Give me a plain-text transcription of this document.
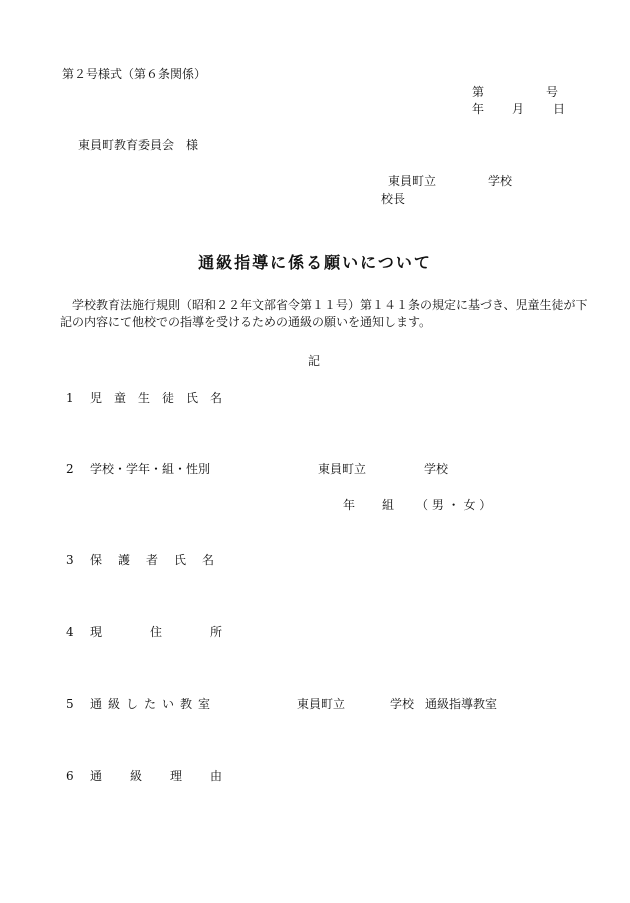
第２号様式（第６条関係）
第	号
年 月 日
東員町教育委員会　様
東員町立	学校
校長
通級指導に係る願いについて
　学校教育法施行規則（昭和２２年文部省令第１１号）第１４１条の規定に基づき、児童生徒が下記の内容にて他校での指導を受けるための通級の願いを通知します。
記
1 児童生徒氏名
2 学校・学年・組・性別	東員町立	学校
年 組 （ 男 ・ 女 ）
3 保護者氏名
4 現	住	所
5 通級したい教室	東員町立	学校 通級指導教室
6 通 級 理 由
